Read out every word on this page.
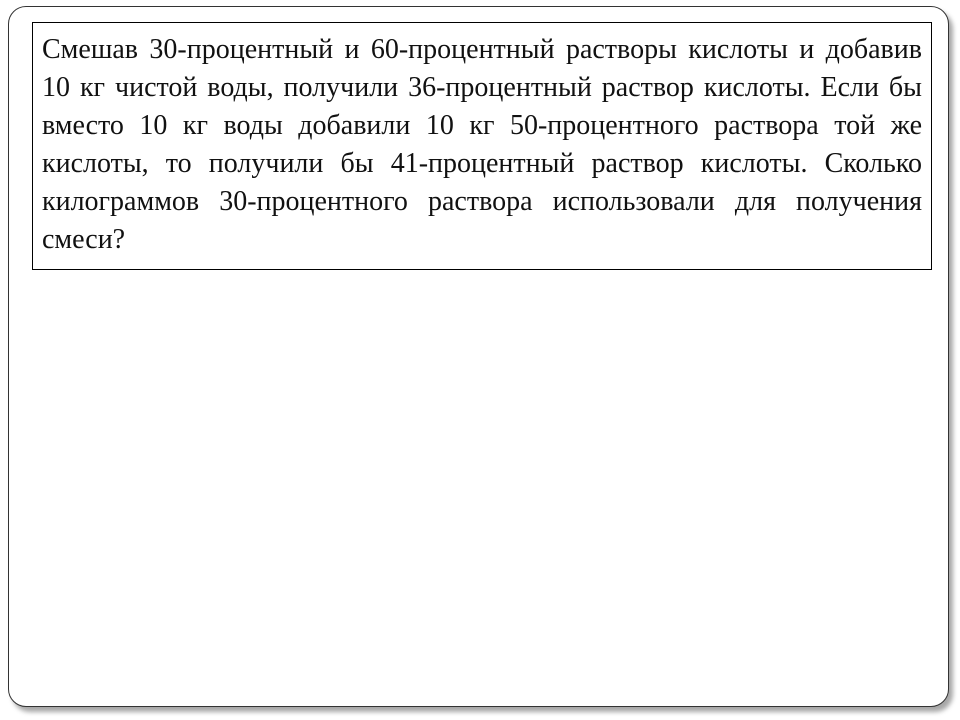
Смешав 30-процентный и 60-процентный растворы кислоты и добавив 10 кг чистой воды, получили 36-процентный раствор кислоты. Если бы вместо 10 кг воды добавили 10 кг 50-процентного раствора той же кислоты, то получили бы 41-процентный раствор кислоты. Сколько килограммов 30-процентного раствора использовали для получения смеси?
